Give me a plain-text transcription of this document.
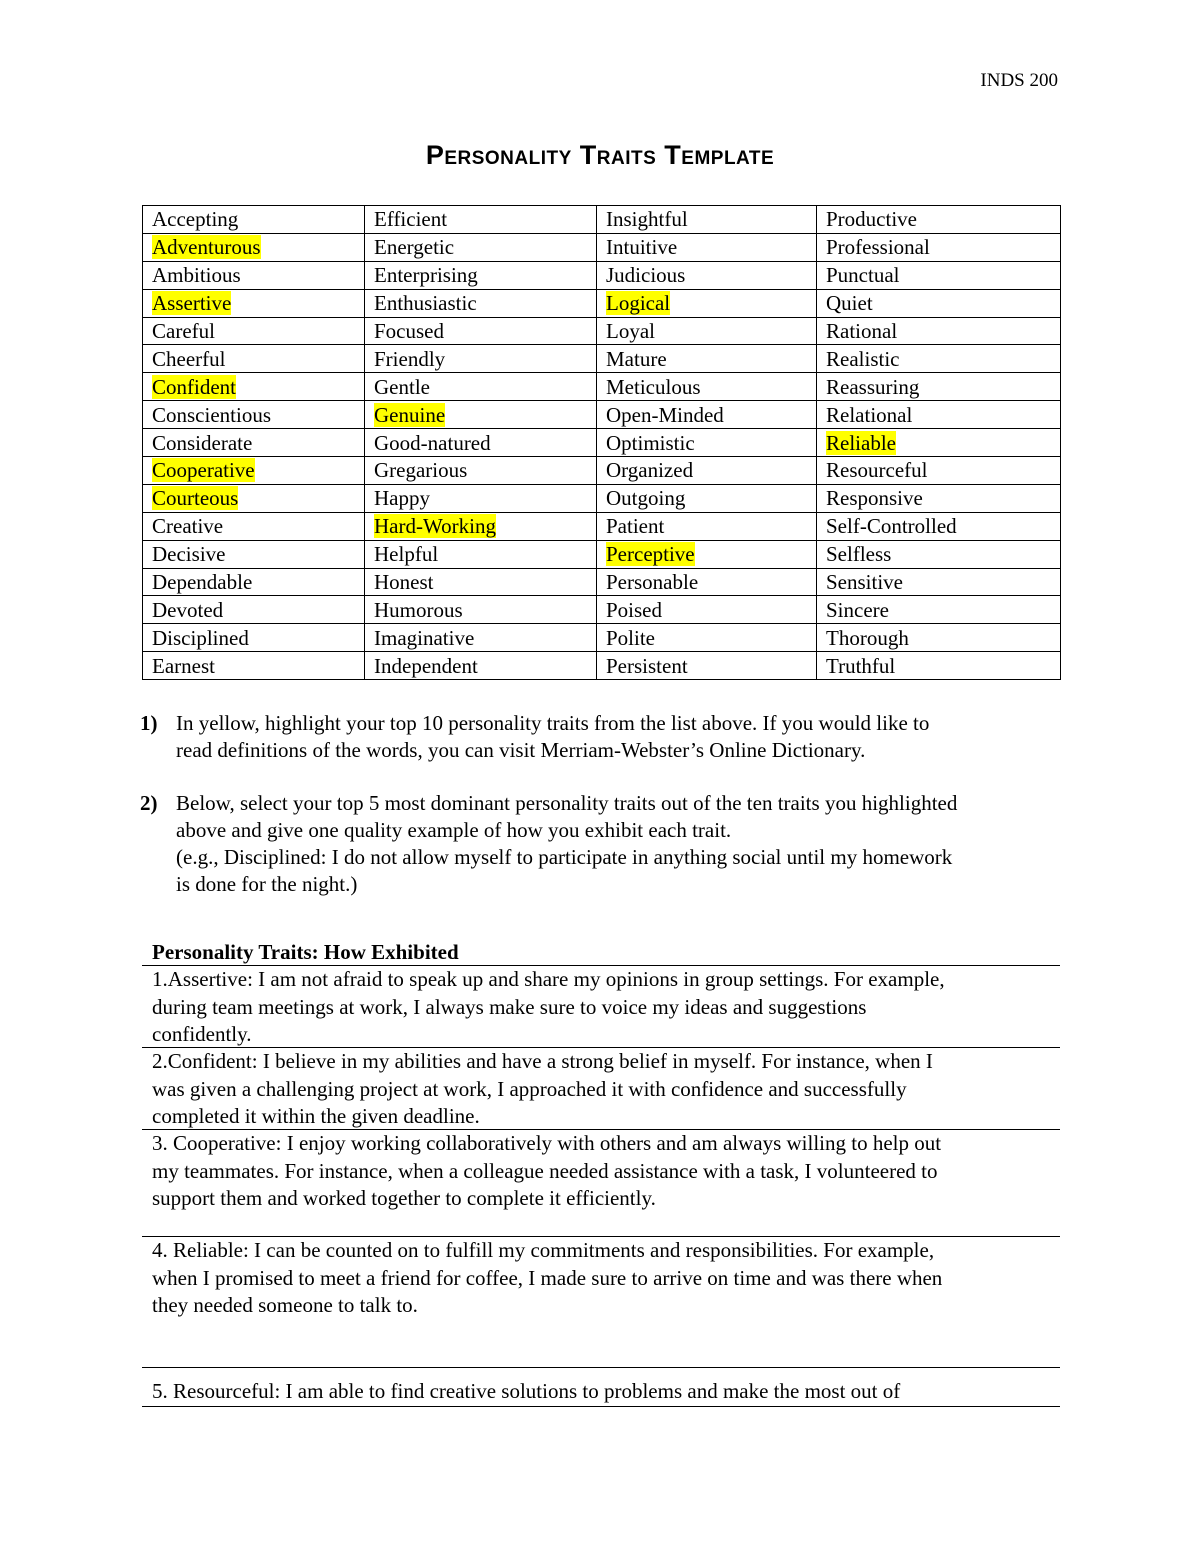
INDS 200
Personality Traits Template
Accepting	Efficient	Insightful	Productive
Adventurous	Energetic	Intuitive	Professional
Ambitious	Enterprising	Judicious	Punctual
Assertive	Enthusiastic	Logical	Quiet
Careful	Focused	Loyal	Rational
Cheerful	Friendly	Mature	Realistic
Confident	Gentle	Meticulous	Reassuring
Conscientious	Genuine	Open-Minded	Relational
Considerate	Good-natured	Optimistic	Reliable
Cooperative	Gregarious	Organized	Resourceful
Courteous	Happy	Outgoing	Responsive
Creative	Hard-Working	Patient	Self-Controlled
Decisive	Helpful	Perceptive	Selfless
Dependable	Honest	Personable	Sensitive
Devoted	Humorous	Poised	Sincere
Disciplined	Imaginative	Polite	Thorough
Earnest	Independent	Persistent	Truthful
1) In yellow, highlight your top 10 personality traits from the list above. If you would like to
read definitions of the words, you can visit Merriam-Webster’s Online Dictionary.
2) Below, select your top 5 most dominant personality traits out of the ten traits you highlighted
above and give one quality example of how you exhibit each trait.
(e.g., Disciplined: I do not allow myself to participate in anything social until my homework
is done for the night.)
Personality Traits: How Exhibited
1.Assertive: I am not afraid to speak up and share my opinions in group settings. For example,
during team meetings at work, I always make sure to voice my ideas and suggestions
confidently.
2.Confident: I believe in my abilities and have a strong belief in myself. For instance, when I
was given a challenging project at work, I approached it with confidence and successfully
completed it within the given deadline.
3. Cooperative: I enjoy working collaboratively with others and am always willing to help out
my teammates. For instance, when a colleague needed assistance with a task, I volunteered to
support them and worked together to complete it efficiently.
4. Reliable: I can be counted on to fulfill my commitments and responsibilities. For example,
when I promised to meet a friend for coffee, I made sure to arrive on time and was there when
they needed someone to talk to.
5. Resourceful: I am able to find creative solutions to problems and make the most out of
